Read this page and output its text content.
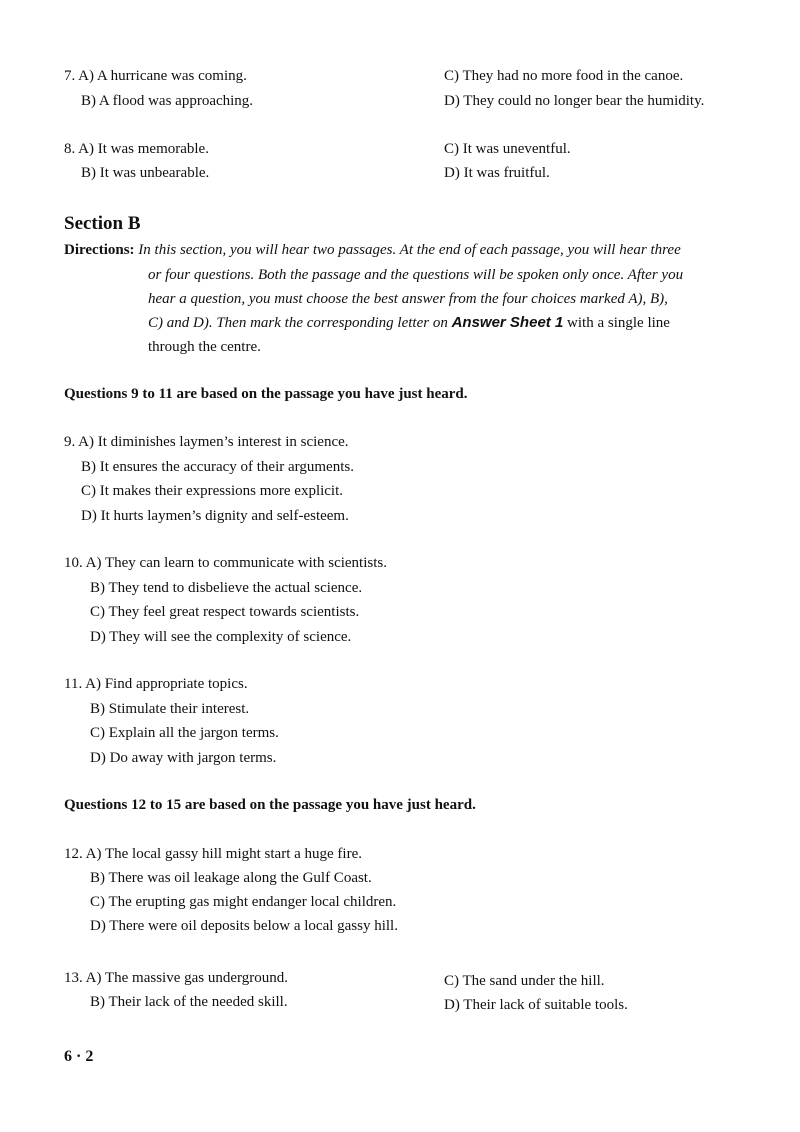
7. A) A hurricane was coming.
B) A flood was approaching.
C) They had no more food in the canoe.
D) They could no longer bear the humidity.
8. A) It was memorable.
B) It was unbearable.
C) It was uneventful.
D) It was fruitful.
Section B
Directions: In this section, you will hear two passages. At the end of each passage, you will hear three
or four questions. Both the passage and the questions will be spoken only once. After you
hear a question, you must choose the best answer from the four choices marked A), B),
C) and D). Then mark the corresponding letter on Answer Sheet 1 with a single line
through the centre.
Questions 9 to 11 are based on the passage you have just heard.
9. A) It diminishes laymen’s interest in science.
B) It ensures the accuracy of their arguments.
C) It makes their expressions more explicit.
D) It hurts laymen’s dignity and self-esteem.
10. A) They can learn to communicate with scientists.
B) They tend to disbelieve the actual science.
C) They feel great respect towards scientists.
D) They will see the complexity of science.
11. A) Find appropriate topics.
B) Stimulate their interest.
C) Explain all the jargon terms.
D) Do away with jargon terms.
Questions 12 to 15 are based on the passage you have just heard.
12. A) The local gassy hill might start a huge fire.
B) There was oil leakage along the Gulf Coast.
C) The erupting gas might endanger local children.
D) There were oil deposits below a local gassy hill.
13. A) The massive gas underground.
B) Their lack of the needed skill.
C) The sand under the hill.
D) Their lack of suitable tools.
6 · 2
